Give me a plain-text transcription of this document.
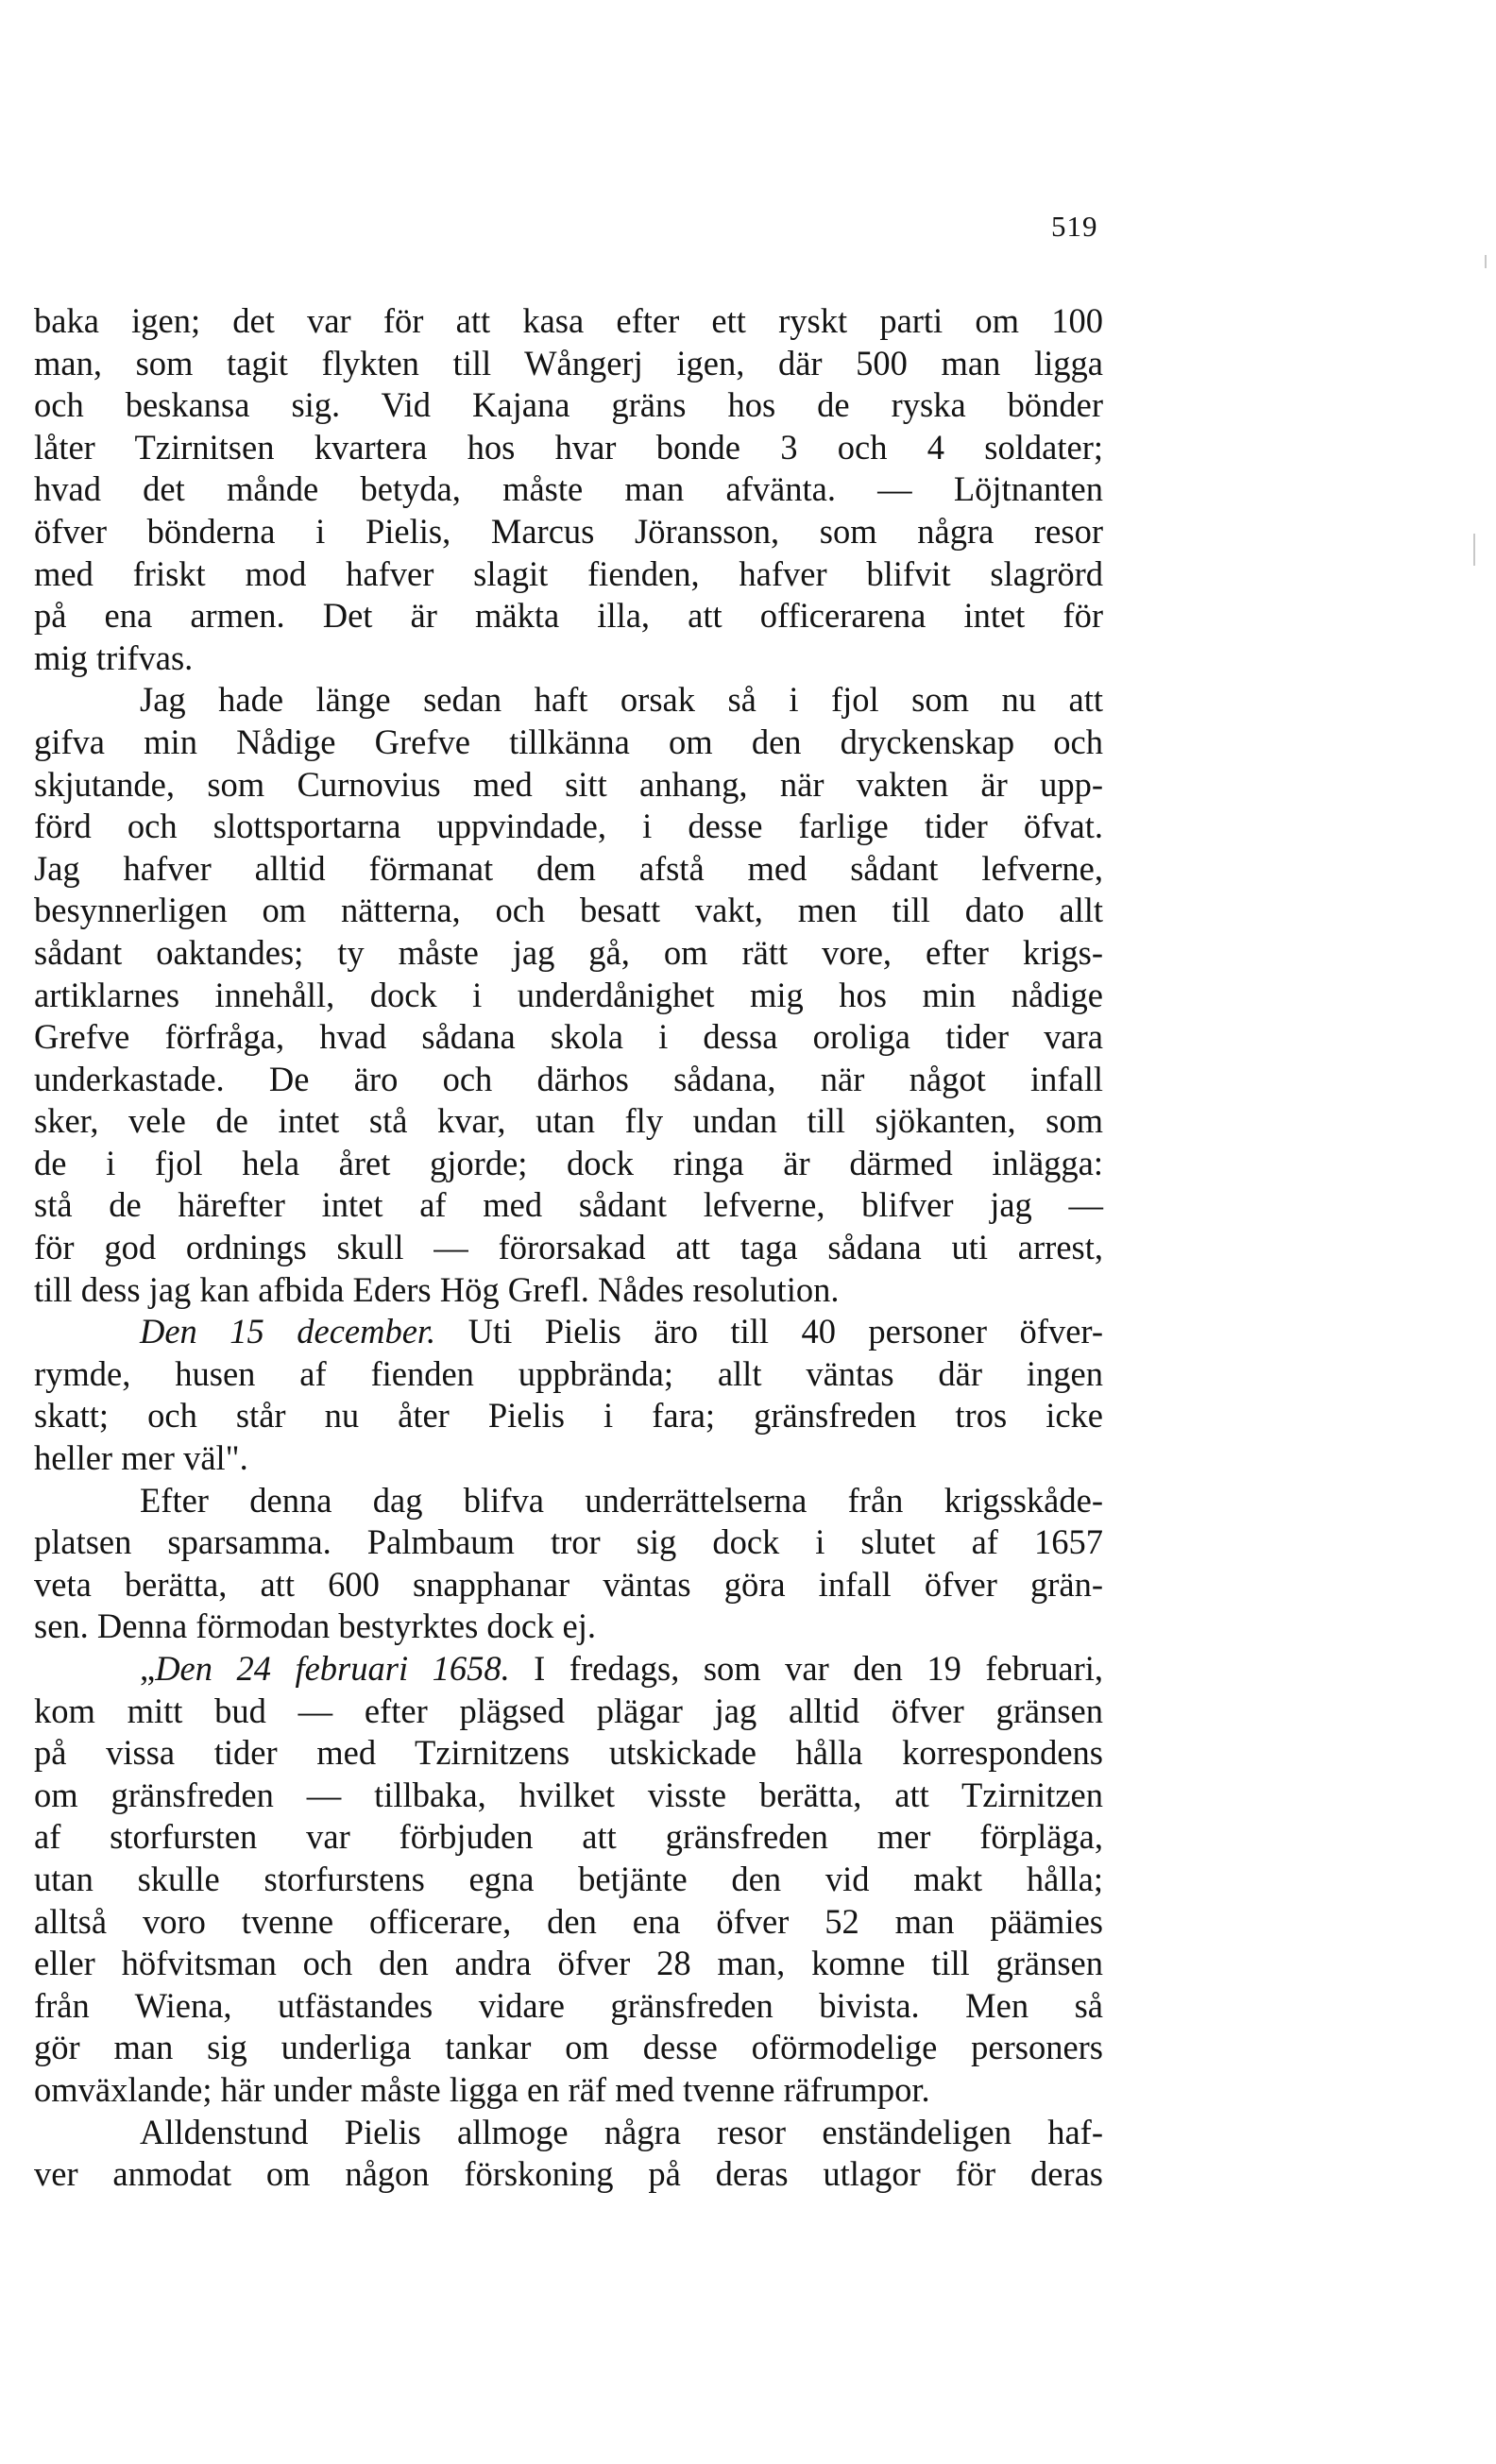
519
baka igen; det var för att kasa efter ett ryskt parti om 100
man, som tagit flykten till Wångerj igen, där 500 man ligga
och beskansa sig. Vid Kajana gräns hos de ryska bönder
låter Tzirnitsen kvartera hos hvar bonde 3 och 4 soldater;
hvad det månde betyda, måste man afvänta. — Löjtnanten
öfver bönderna i Pielis, Marcus Jöransson, som några resor
med friskt mod hafver slagit fienden, hafver blifvit slagrörd
på ena armen. Det är mäkta illa, att officerarena intet för
mig trifvas.
Jag hade länge sedan haft orsak så i fjol som nu att
gifva min Nådige Grefve tillkänna om den dryckenskap och
skjutande, som Curnovius med sitt anhang, när vakten är upp-
förd och slottsportarna uppvindade, i desse farlige tider öfvat.
Jag hafver alltid förmanat dem afstå med sådant lefverne,
besynnerligen om nätterna, och besatt vakt, men till dato allt
sådant oaktandes; ty måste jag gå, om rätt vore, efter krigs-
artiklarnes innehåll, dock i underdånighet mig hos min nådige
Grefve förfråga, hvad sådana skola i dessa oroliga tider vara
underkastade. De äro och därhos sådana, när något infall
sker, vele de intet stå kvar, utan fly undan till sjökanten, som
de i fjol hela året gjorde; dock ringa är därmed inlägga:
stå de härefter intet af med sådant lefverne, blifver jag —
för god ordnings skull — förorsakad att taga sådana uti arrest,
till dess jag kan afbida Eders Hög Grefl. Nådes resolution.
Den 15 december. Uti Pielis äro till 40 personer öfver-
rymde, husen af fienden uppbrända; allt väntas där ingen
skatt; och står nu åter Pielis i fara; gränsfreden tros icke
heller mer väl".
Efter denna dag blifva underrättelserna från krigsskåde-
platsen sparsamma. Palmbaum tror sig dock i slutet af 1657
veta berätta, att 600 snapphanar väntas göra infall öfver grän-
sen. Denna förmodan bestyrktes dock ej.
„Den 24 februari 1658. I fredags, som var den 19 februari,
kom mitt bud — efter plägsed plägar jag alltid öfver gränsen
på vissa tider med Tzirnitzens utskickade hålla korrespondens
om gränsfreden — tillbaka, hvilket visste berätta, att Tzirnitzen
af storfursten var förbjuden att gränsfreden mer förpläga,
utan skulle storfurstens egna betjänte den vid makt hålla;
alltså voro tvenne officerare, den ena öfver 52 man päämies
eller höfvitsman och den andra öfver 28 man, komne till gränsen
från Wiena, utfästandes vidare gränsfreden bivista. Men så
gör man sig underliga tankar om desse oförmodelige personers
omväxlande; här under måste ligga en räf med tvenne räfrumpor.
Alldenstund Pielis allmoge några resor enständeligen haf-
ver anmodat om någon förskoning på deras utlagor för deras
